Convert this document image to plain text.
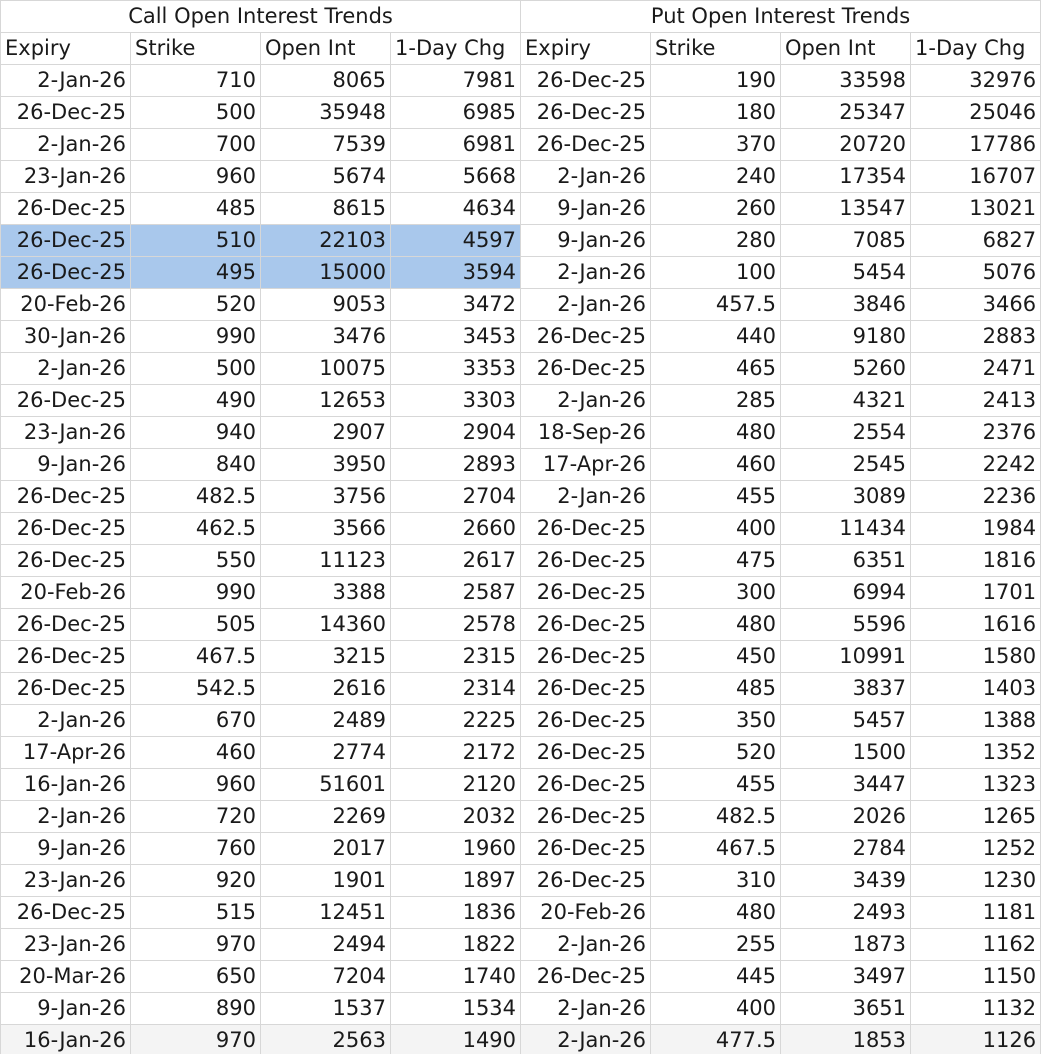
Call Open Interest Trends				Put Open Interest Trends			
Expiry	Strike	Open Int	1-Day Chg	Expiry	Strike	Open Int	1-Day Chg
2-Jan-26	710	8065	7981	26-Dec-25	190	33598	32976
26-Dec-25	500	35948	6985	26-Dec-25	180	25347	25046
2-Jan-26	700	7539	6981	26-Dec-25	370	20720	17786
23-Jan-26	960	5674	5668	2-Jan-26	240	17354	16707
26-Dec-25	485	8615	4634	9-Jan-26	260	13547	13021
26-Dec-25	510	22103	4597	9-Jan-26	280	7085	6827
26-Dec-25	495	15000	3594	2-Jan-26	100	5454	5076
20-Feb-26	520	9053	3472	2-Jan-26	457.5	3846	3466
30-Jan-26	990	3476	3453	26-Dec-25	440	9180	2883
2-Jan-26	500	10075	3353	26-Dec-25	465	5260	2471
26-Dec-25	490	12653	3303	2-Jan-26	285	4321	2413
23-Jan-26	940	2907	2904	18-Sep-26	480	2554	2376
9-Jan-26	840	3950	2893	17-Apr-26	460	2545	2242
26-Dec-25	482.5	3756	2704	2-Jan-26	455	3089	2236
26-Dec-25	462.5	3566	2660	26-Dec-25	400	11434	1984
26-Dec-25	550	11123	2617	26-Dec-25	475	6351	1816
20-Feb-26	990	3388	2587	26-Dec-25	300	6994	1701
26-Dec-25	505	14360	2578	26-Dec-25	480	5596	1616
26-Dec-25	467.5	3215	2315	26-Dec-25	450	10991	1580
26-Dec-25	542.5	2616	2314	26-Dec-25	485	3837	1403
2-Jan-26	670	2489	2225	26-Dec-25	350	5457	1388
17-Apr-26	460	2774	2172	26-Dec-25	520	1500	1352
16-Jan-26	960	51601	2120	26-Dec-25	455	3447	1323
2-Jan-26	720	2269	2032	26-Dec-25	482.5	2026	1265
9-Jan-26	760	2017	1960	26-Dec-25	467.5	2784	1252
23-Jan-26	920	1901	1897	26-Dec-25	310	3439	1230
26-Dec-25	515	12451	1836	20-Feb-26	480	2493	1181
23-Jan-26	970	2494	1822	2-Jan-26	255	1873	1162
20-Mar-26	650	7204	1740	26-Dec-25	445	3497	1150
9-Jan-26	890	1537	1534	2-Jan-26	400	3651	1132
16-Jan-26	970	2563	1490	2-Jan-26	477.5	1853	1126
